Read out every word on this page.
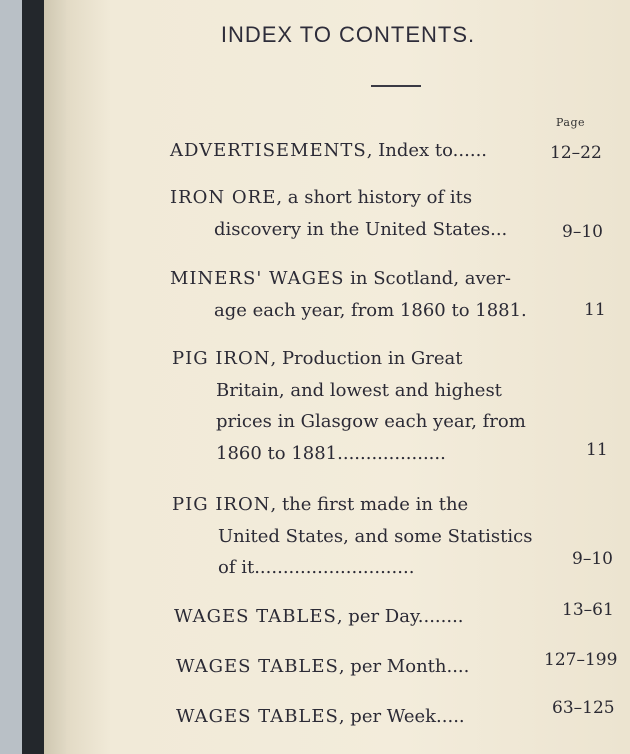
INDEX TO CONTENTS.
Page
ADVERTISEMENTS, Index to......	12–22
IRON ORE, a short history of its
discovery in the United States...	9–10
MINERS' WAGES in Scotland, aver-
age each year, from 1860 to 1881.	11
PIG IRON, Production in Great
Britain, and lowest and highest
prices in Glasgow each year, from
1860 to 1881...................	11
PIG IRON, the first made in the
United States, and some Statistics
of it............................	9–10
WAGES TABLES, per Day........	13–61
WAGES TABLES, per Month....	127–199
WAGES TABLES, per Week.....	63–125
